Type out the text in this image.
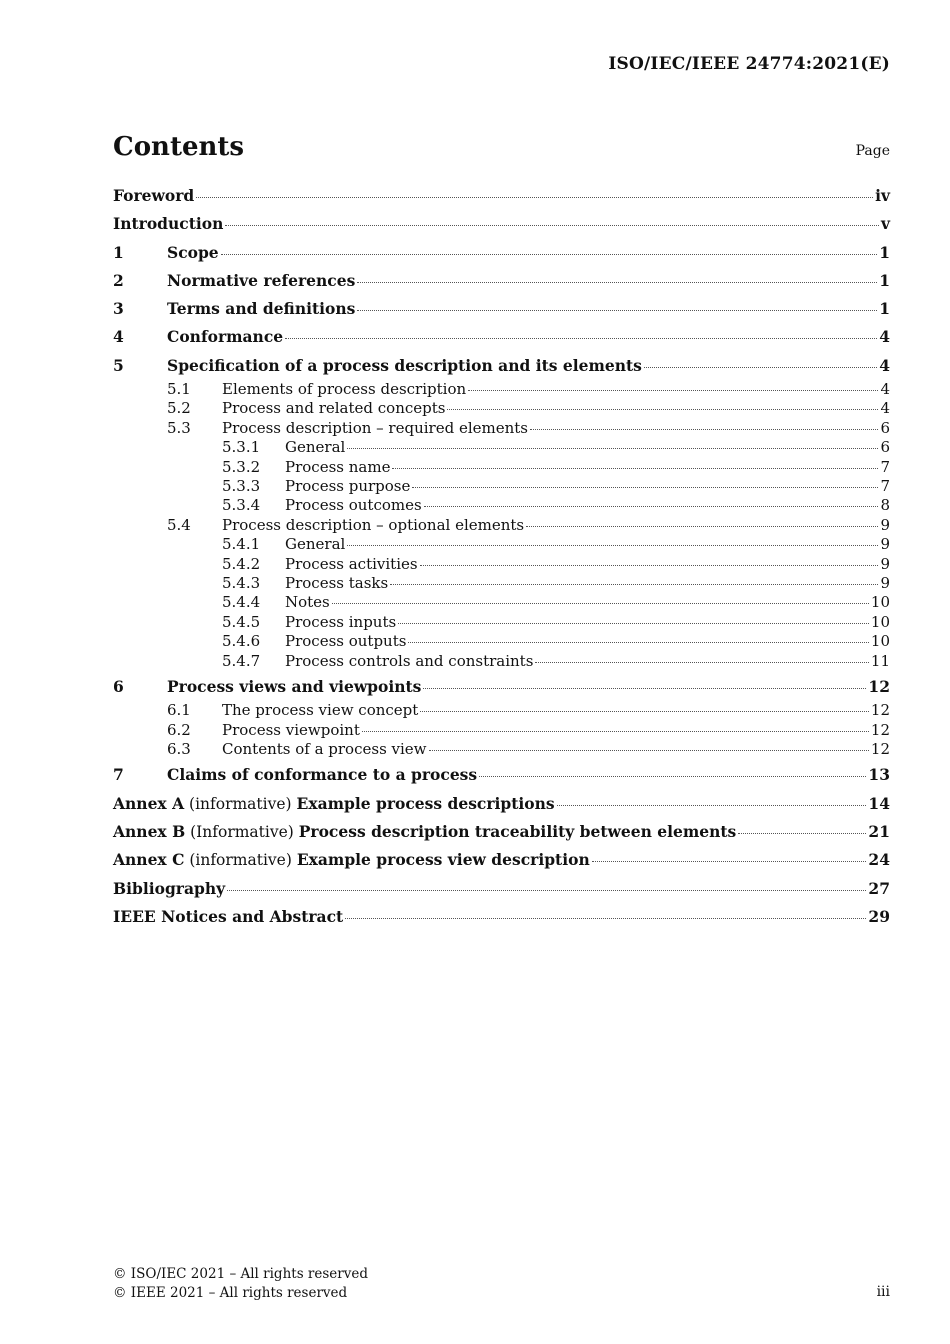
ISO/IEC/IEEE 24774:2021(E)
Contents	Page
Foreword	iv
Introduction	v
1	Scope	1
2	Normative references	1
3	Terms and definitions	1
4	Conformance	4
5	Specification of a process description and its elements	4
5.1	Elements of process description	4
5.2	Process and related concepts	4
5.3	Process description – required elements	6
5.3.1	General	6
5.3.2	Process name	7
5.3.3	Process purpose	7
5.3.4	Process outcomes	8
5.4	Process description – optional elements	9
5.4.1	General	9
5.4.2	Process activities	9
5.4.3	Process tasks	9
5.4.4	Notes	10
5.4.5	Process inputs	10
5.4.6	Process outputs	10
5.4.7	Process controls and constraints	11
6	Process views and viewpoints	12
6.1	The process view concept	12
6.2	Process viewpoint	12
6.3	Contents of a process view	12
7	Claims of conformance to a process	13
Annex A (informative) Example process descriptions	14
Annex B (Informative) Process description traceability between elements	21
Annex C (informative) Example process view description	24
Bibliography	27
IEEE Notices and Abstract	29
© ISO/IEC 2021 – All rights reserved
© IEEE 2021 – All rights reserved	iii
